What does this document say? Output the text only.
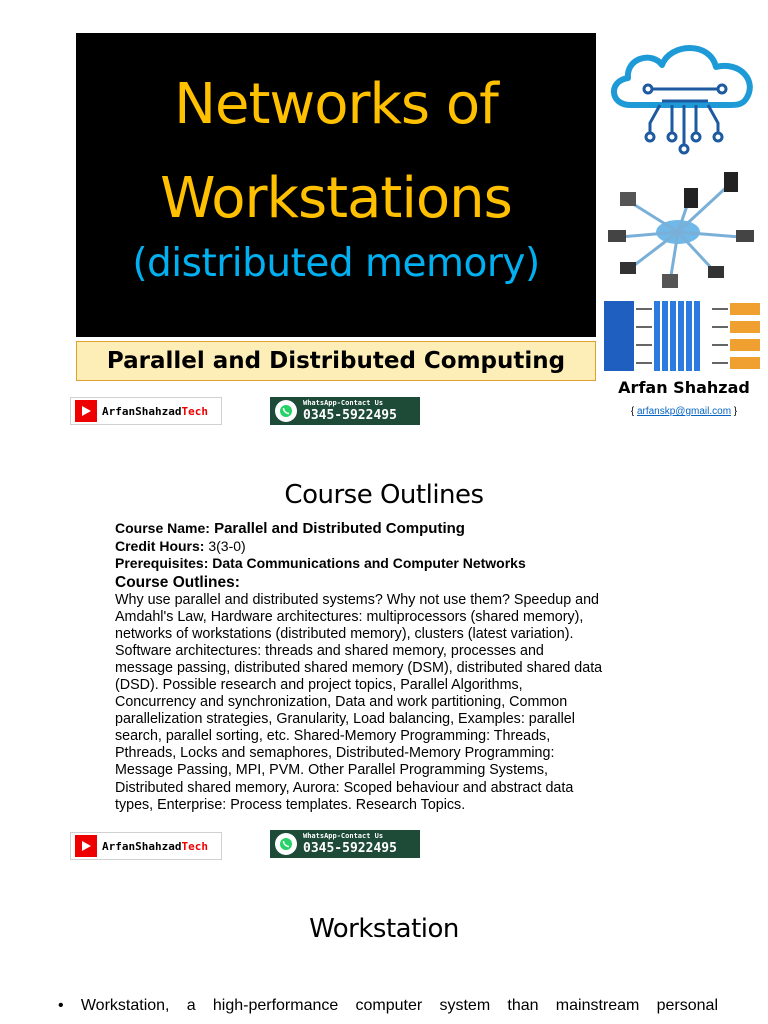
Networks of
Workstations
(distributed memory)
Parallel and Distributed Computing
Arfan Shahzad
{ arfanskp@gmail.com }
ArfanShahzadTech
WhatsApp-Contact Us
0345-5922495
Course Outlines
Course Name: Parallel and Distributed Computing
Credit Hours: 3(3-0)
Prerequisites: Data Communications and Computer Networks
Course Outlines:
Why use parallel and distributed systems? Why not use them? Speedup and
Amdahl's Law, Hardware architectures: multiprocessors (shared memory),
networks of workstations (distributed memory), clusters (latest variation).
Software architectures: threads and shared memory, processes and
message passing, distributed shared memory (DSM), distributed shared data
(DSD). Possible research and project topics, Parallel Algorithms,
Concurrency and synchronization, Data and work partitioning, Common
parallelization strategies, Granularity, Load balancing, Examples: parallel
search, parallel sorting, etc. Shared-Memory Programming: Threads,
Pthreads, Locks and semaphores, Distributed-Memory Programming:
Message Passing, MPI, PVM. Other Parallel Programming Systems,
Distributed shared memory, Aurora: Scoped behaviour and abstract data
types, Enterprise: Process templates. Research Topics.
ArfanShahzadTech
WhatsApp-Contact Us
0345-5922495
Workstation
• Workstation, a high-performance computer system than mainstream personal
